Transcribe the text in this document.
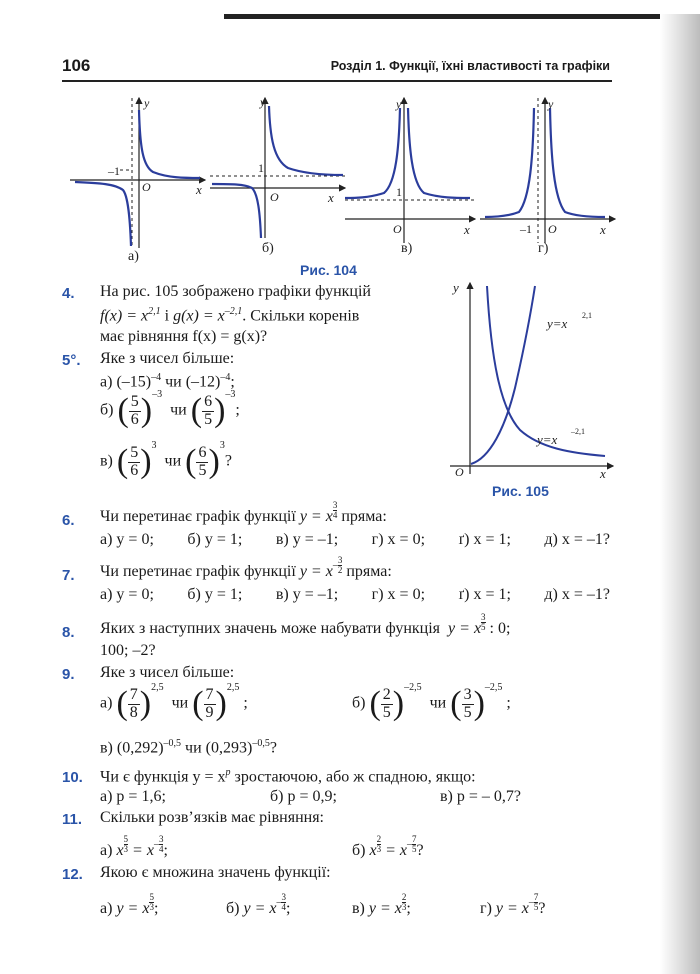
106	Розділ 1. Функції, їхні властивості та графіки
y
x
O
–1
а)
y
x
O
1
б)
y
x
O
1
в)
y
x
O
–1
г)
Рис. 104
y
x
O
y=x
2,1
y=x
–2,1
Рис. 105
4. На рис. 105 зображено графіки функцій
$f(x) = x^{2,1}$ і $g(x) = x^{-2,1}$. Скільки коренів
має рівняння f(x) = g(x)?
5°. Яке з чисел більше:
а) $(-15)^{-4}$ чи $(-12)^{-4}$;
б) ( $\frac{5}{6} )^{-3}$  чи ( $\frac{6}{5} )^{-3}$;
в) ( $\frac{5}{6} )^3$  чи ( $\frac{6}{5} )^3$?
6. Чи перетинає графік функції y = x $\frac{3}{4}$ пряма:
а) y = 0; б) y = 1; в) y = –1; г) x = 0; ґ) x = 1; д) x = –1?
7. Чи перетинає графік функції $y = x- \frac{3}{2}$ пряма:
а) y = 0; б) y = 1; в) y = –1; г) x = 0; ґ) x = 1; д) x = –1?
8. Яких з наступних значень може набувати функція y = x $\frac{3}{5}$ : 0;
100; –2?
9. Яке з чисел більше:
а) ( $\frac{7}{8} )^{2,5}$  чи ( $\frac{7}{9} )^{2,5}$ ;	б) ( $\frac{2}{5} )^{-2,5}$  чи ( $\frac{3}{5} )^{-2,5}$ ;
в) $(0,292)^{-0,5}$ чи $(0,293)^{-0,5}$?
10. Чи є функція $y = x^p$ зростаючою, або ж спадною, якщо:
а) p = 1,6;	б) p = 0,9;	в) p = – 0,7?
11. Скільки розв’язків має рівняння:
а) x $\frac{5}{3} = x- \frac{3}{4}$ ;	б) x $\frac{2}{3} = x- \frac{7}{5}$ ?
12. Якою є множина значень функції:
а) y = x $\frac{5}{3}$ ;	б) $y = x- \frac{3}{4}$ ;	в) y = x $\frac{2}{3}$ ;	г) $y = x- \frac{7}{5}$ ?
